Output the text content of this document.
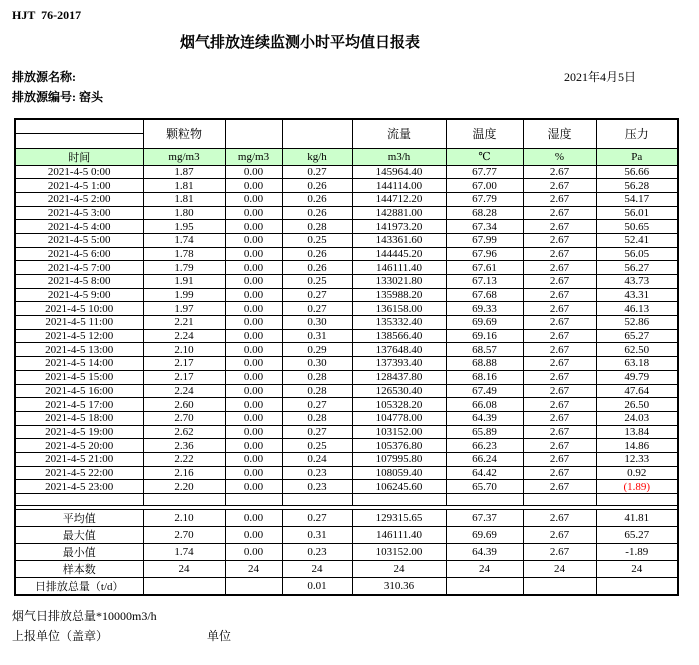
HJT  76-2017
烟气排放连续监测小时平均值日报表
排放源名称:	2021年4月5日
排放源编号: 窑头
	颗粒物			流量	温度	湿度	压力
时间	mg/m3	mg/m3	kg/h	m3/h	℃	%	Pa
2021-4-5 0:00	1.87	0.00	0.27	145964.40	67.77	2.67	56.66
2021-4-5 1:00	1.81	0.00	0.26	144114.00	67.00	2.67	56.28
2021-4-5 2:00	1.81	0.00	0.26	144712.20	67.79	2.67	54.17
2021-4-5 3:00	1.80	0.00	0.26	142881.00	68.28	2.67	56.01
2021-4-5 4:00	1.95	0.00	0.28	141973.20	67.34	2.67	50.65
2021-4-5 5:00	1.74	0.00	0.25	143361.60	67.99	2.67	52.41
2021-4-5 6:00	1.78	0.00	0.26	144445.20	67.96	2.67	56.05
2021-4-5 7:00	1.79	0.00	0.26	146111.40	67.61	2.67	56.27
2021-4-5 8:00	1.91	0.00	0.25	133021.80	67.13	2.67	43.73
2021-4-5 9:00	1.99	0.00	0.27	135988.20	67.68	2.67	43.31
2021-4-5 10:00	1.97	0.00	0.27	136158.00	69.33	2.67	46.13
2021-4-5 11:00	2.21	0.00	0.30	135332.40	69.69	2.67	52.86
2021-4-5 12:00	2.24	0.00	0.31	138566.40	69.16	2.67	65.27
2021-4-5 13:00	2.10	0.00	0.29	137648.40	68.57	2.67	62.50
2021-4-5 14:00	2.17	0.00	0.30	137393.40	68.88	2.67	63.18
2021-4-5 15:00	2.17	0.00	0.28	128437.80	68.16	2.67	49.79
2021-4-5 16:00	2.24	0.00	0.28	126530.40	67.49	2.67	47.64
2021-4-5 17:00	2.60	0.00	0.27	105328.20	66.08	2.67	26.50
2021-4-5 18:00	2.70	0.00	0.28	104778.00	64.39	2.67	24.03
2021-4-5 19:00	2.62	0.00	0.27	103152.00	65.89	2.67	13.84
2021-4-5 20:00	2.36	0.00	0.25	105376.80	66.23	2.67	14.86
2021-4-5 21:00	2.22	0.00	0.24	107995.80	66.24	2.67	12.33
2021-4-5 22:00	2.16	0.00	0.23	108059.40	64.42	2.67	0.92
2021-4-5 23:00	2.20	0.00	0.23	106245.60	65.70	2.67	(1.89)

平均值	2.10	0.00	0.27	129315.65	67.37	2.67	41.81
最大值	2.70	0.00	0.31	146111.40	69.69	2.67	65.27
最小值	1.74	0.00	0.23	103152.00	64.39	2.67	-1.89
样本数	24	24	24	24	24	24	24
日排放总量（t/d）			0.01	310.36			
烟气日排放总量*10000m3/h
上报单位（盖章）	单位
